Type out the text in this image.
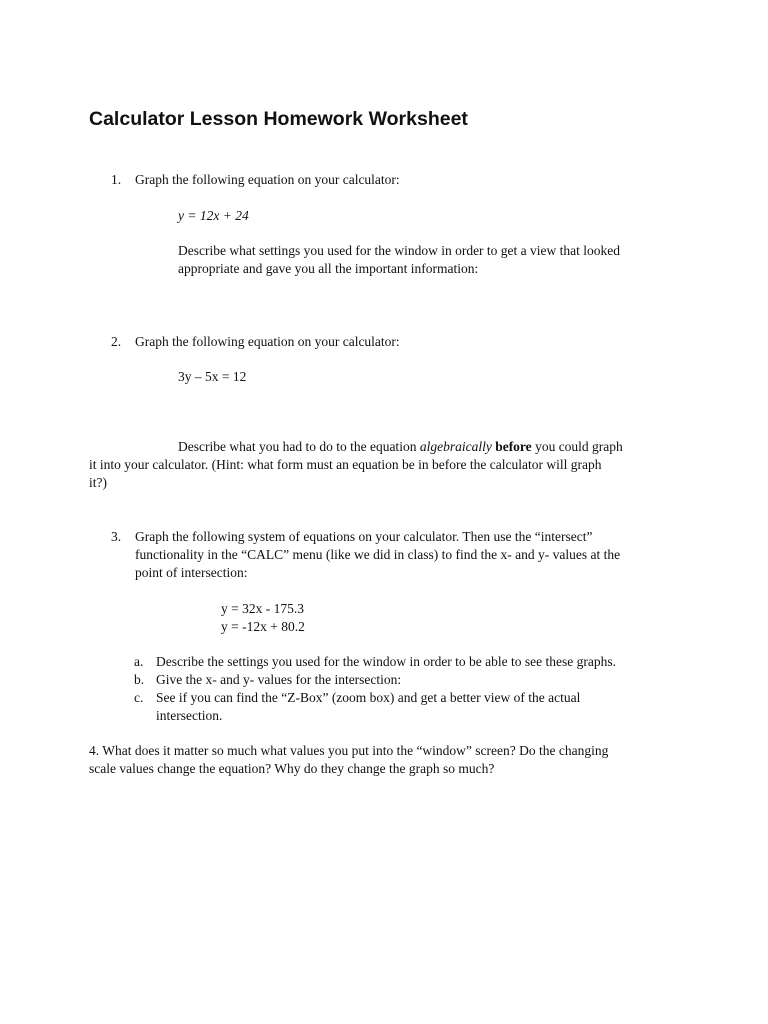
Calculator Lesson Homework Worksheet
1. Graph the following equation on your calculator:
y = 12x + 24
Describe what settings you used for the window in order to get a view that looked
appropriate and gave you all the important information:
2. Graph the following equation on your calculator:
3y – 5x = 12
Describe what you had to do to the equation algebraically before you could graph
it into your calculator. (Hint: what form must an equation be in before the calculator will graph
it?)
3. Graph the following system of equations on your calculator. Then use the “intersect”
functionality in the “CALC” menu (like we did in class) to find the x- and y- values at the
point of intersection:
y = 32x - 175.3
y = -12x + 80.2
a. Describe the settings you used for the window in order to be able to see these graphs.
b. Give the x- and y- values for the intersection:
c. See if you can find the “Z-Box” (zoom box) and get a better view of the actual
intersection.
4. What does it matter so much what values you put into the “window” screen? Do the changing
scale values change the equation? Why do they change the graph so much?
